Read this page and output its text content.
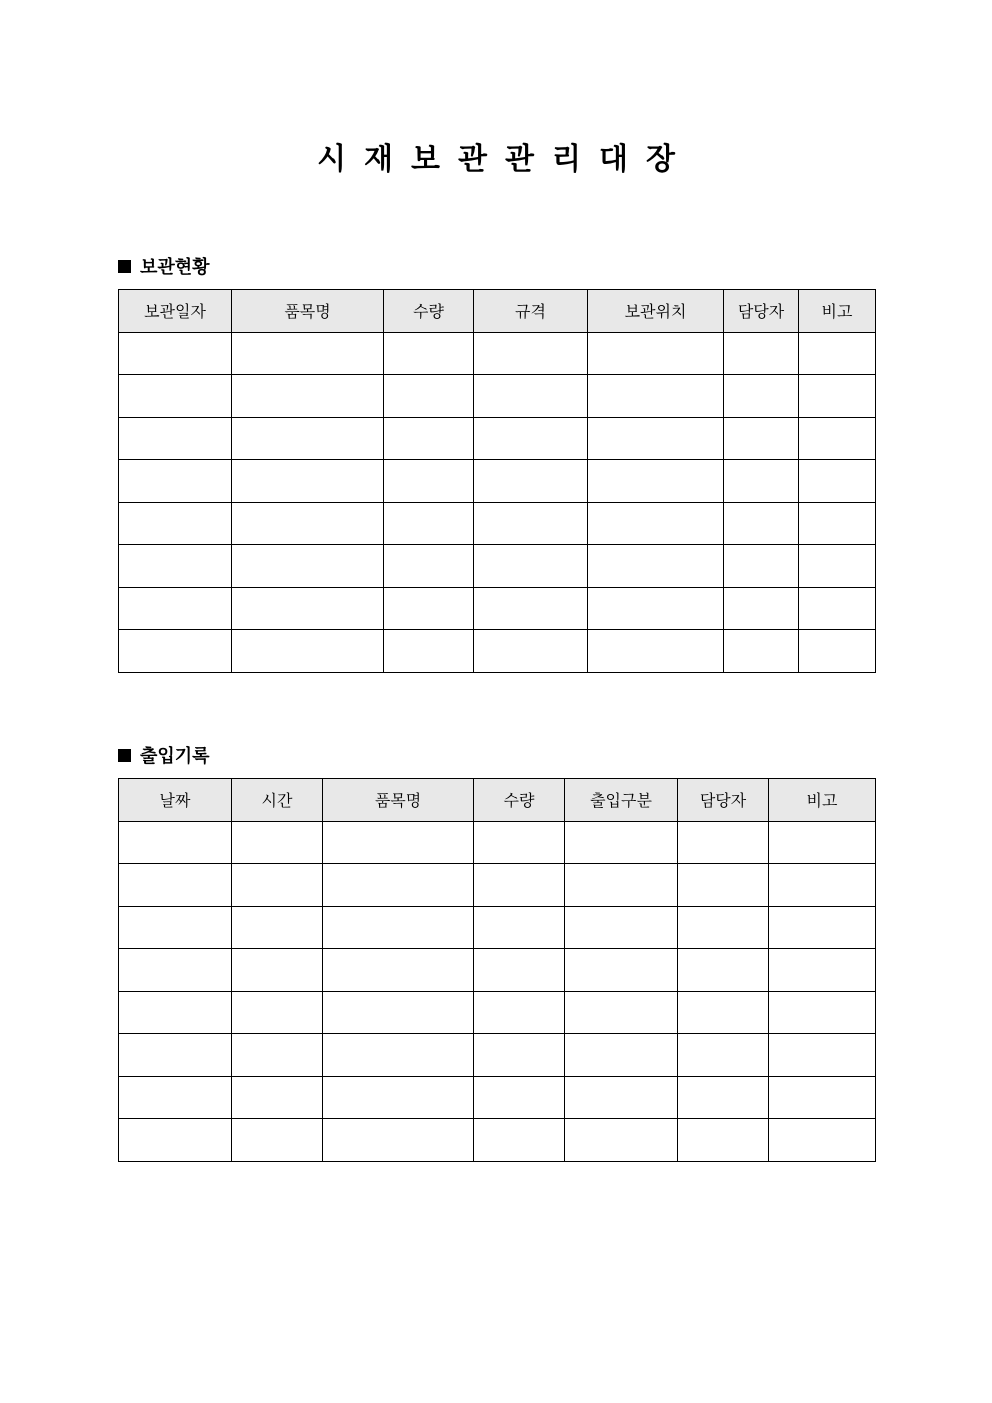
시 재 보 관 관 리 대 장
보관현황
보관일자	품목명	수량	규격	보관위치	담당자	비고

출입기록
날짜	시간	품목명	수량	출입구분	담당자	비고
